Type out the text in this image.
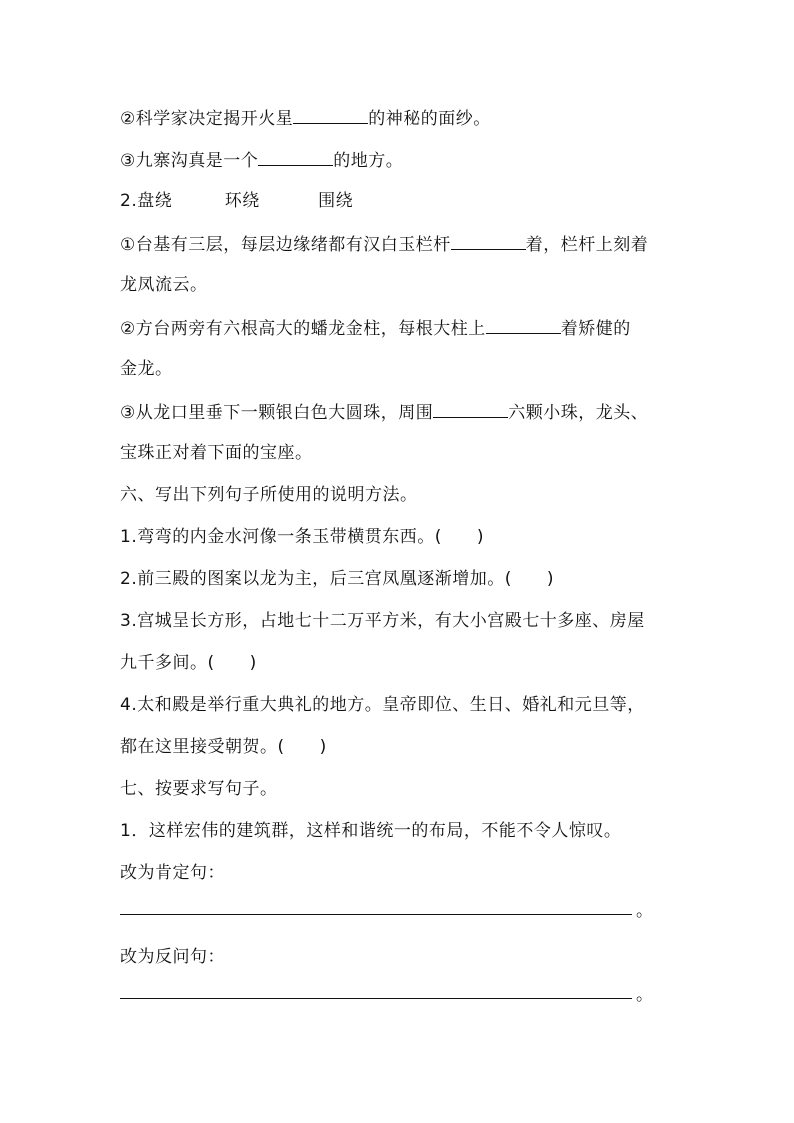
②科学家决定揭开火星	的神秘的面纱。
③九寨沟真是一个	的地方。
2.盘绕　　　环绕　　　 围绕
①台基有三层，每层边缘绪都有汉白玉栏杆	着，栏杆上刻着
龙凤流云。
②方台两旁有六根高大的蟠龙金柱，每根大柱上	着矫健的
金龙。
③从龙口里垂下一颗银白色大圆珠，周围	六颗小珠，龙头、
宝珠正对着下面的宝座。
六、写出下列句子所使用的说明方法。
1.弯弯的内金水河像一条玉带横贯东西。(　　)
2.前三殿的图案以龙为主，后三宫凤凰逐渐增加。(　　)
3.宫城呈长方形，占地七十二万平方米，有大小宫殿七十多座、房屋
九千多间。(　　)
4.太和殿是举行重大典礼的地方。皇帝即位、生日、婚礼和元旦等，
都在这里接受朝贺。(　　)
七、按要求写句子。
1．这样宏伟的建筑群，这样和谐统一的布局，不能不令人惊叹。
改为肯定句：
。
改为反问句：
。
